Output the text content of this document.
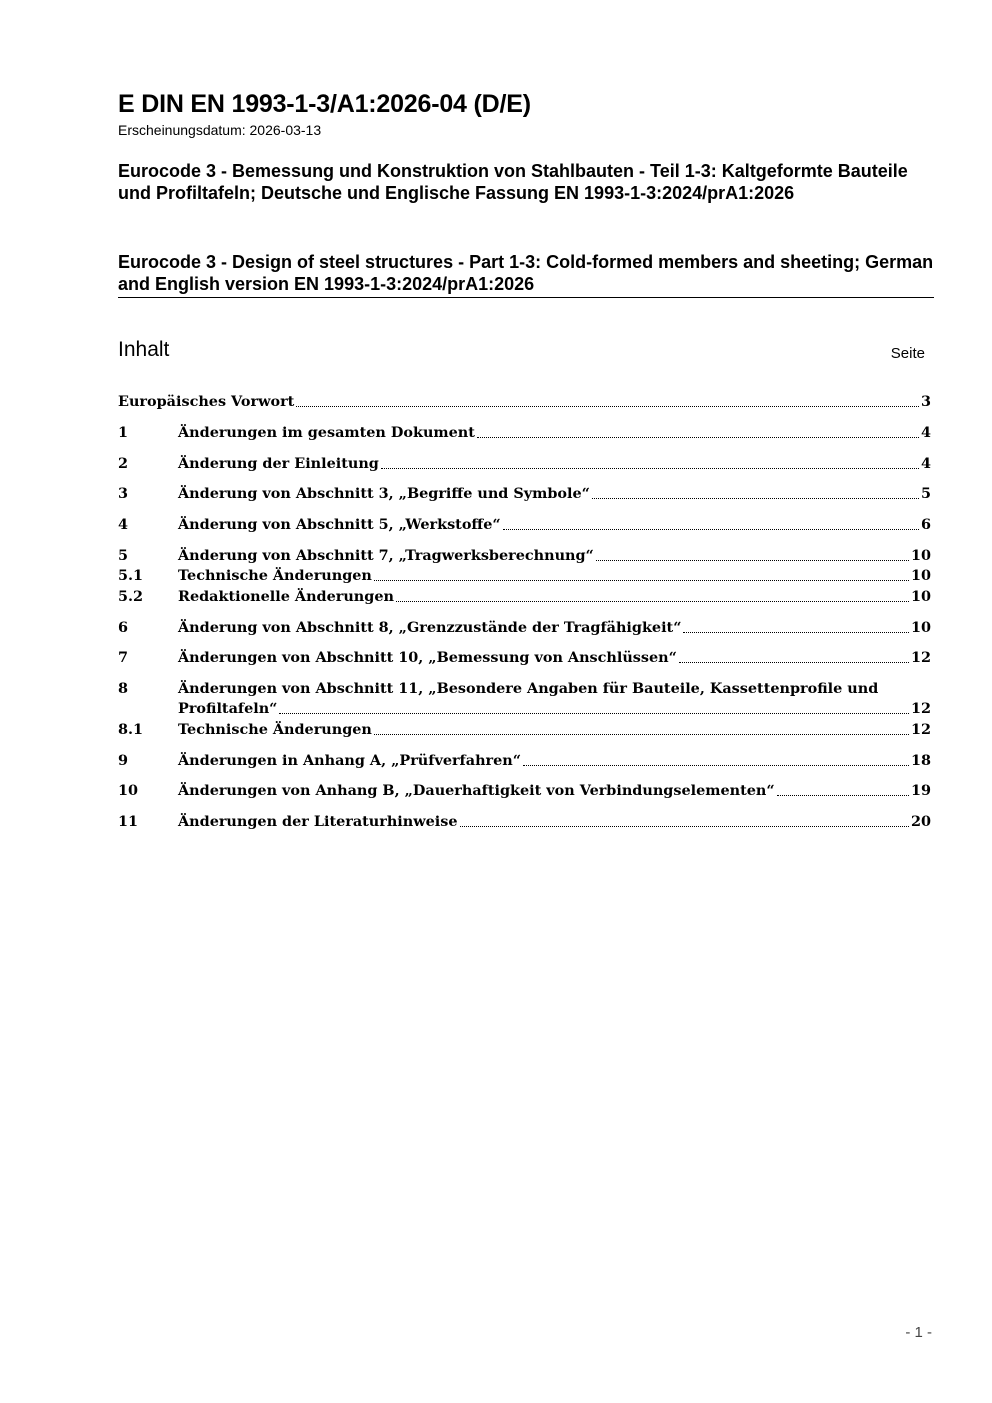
E DIN EN 1993-1-3/A1:2026-04 (D/E)
Erscheinungsdatum: 2026-03-13
Eurocode 3 - Bemessung und Konstruktion von Stahlbauten - Teil 1-3: Kaltgeformte Bauteile und Profiltafeln; Deutsche und Englische Fassung EN 1993-1-3:2024/prA1:2026
Eurocode 3 - Design of steel structures - Part 1-3: Cold-formed members and sheeting; German and English version EN 1993-1-3:2024/prA1:2026
Inhalt	Seite
Europäisches Vorwort	3
1	Änderungen im gesamten Dokument	4
2	Änderung der Einleitung	4
3	Änderung von Abschnitt 3, „Begriffe und Symbole“	5
4	Änderung von Abschnitt 5, „Werkstoffe“	6
5	Änderung von Abschnitt 7, „Tragwerksberechnung“	10
5.1 Technische Änderungen	10
5.2 Redaktionelle Änderungen	10
6	Änderung von Abschnitt 8, „Grenzzustände der Tragfähigkeit“	10
7	Änderungen von Abschnitt 10, „Bemessung von Anschlüssen“	12
8	Änderungen von Abschnitt 11, „Besondere Angaben für Bauteile, Kassettenprofile und
Profiltafeln“	12
8.1 Technische Änderungen	12
9	Änderungen in Anhang A, „Prüfverfahren“	18
10	Änderungen von Anhang B, „Dauerhaftigkeit von Verbindungselementen“	19
11	Änderungen der Literaturhinweise	20
- 1 -
